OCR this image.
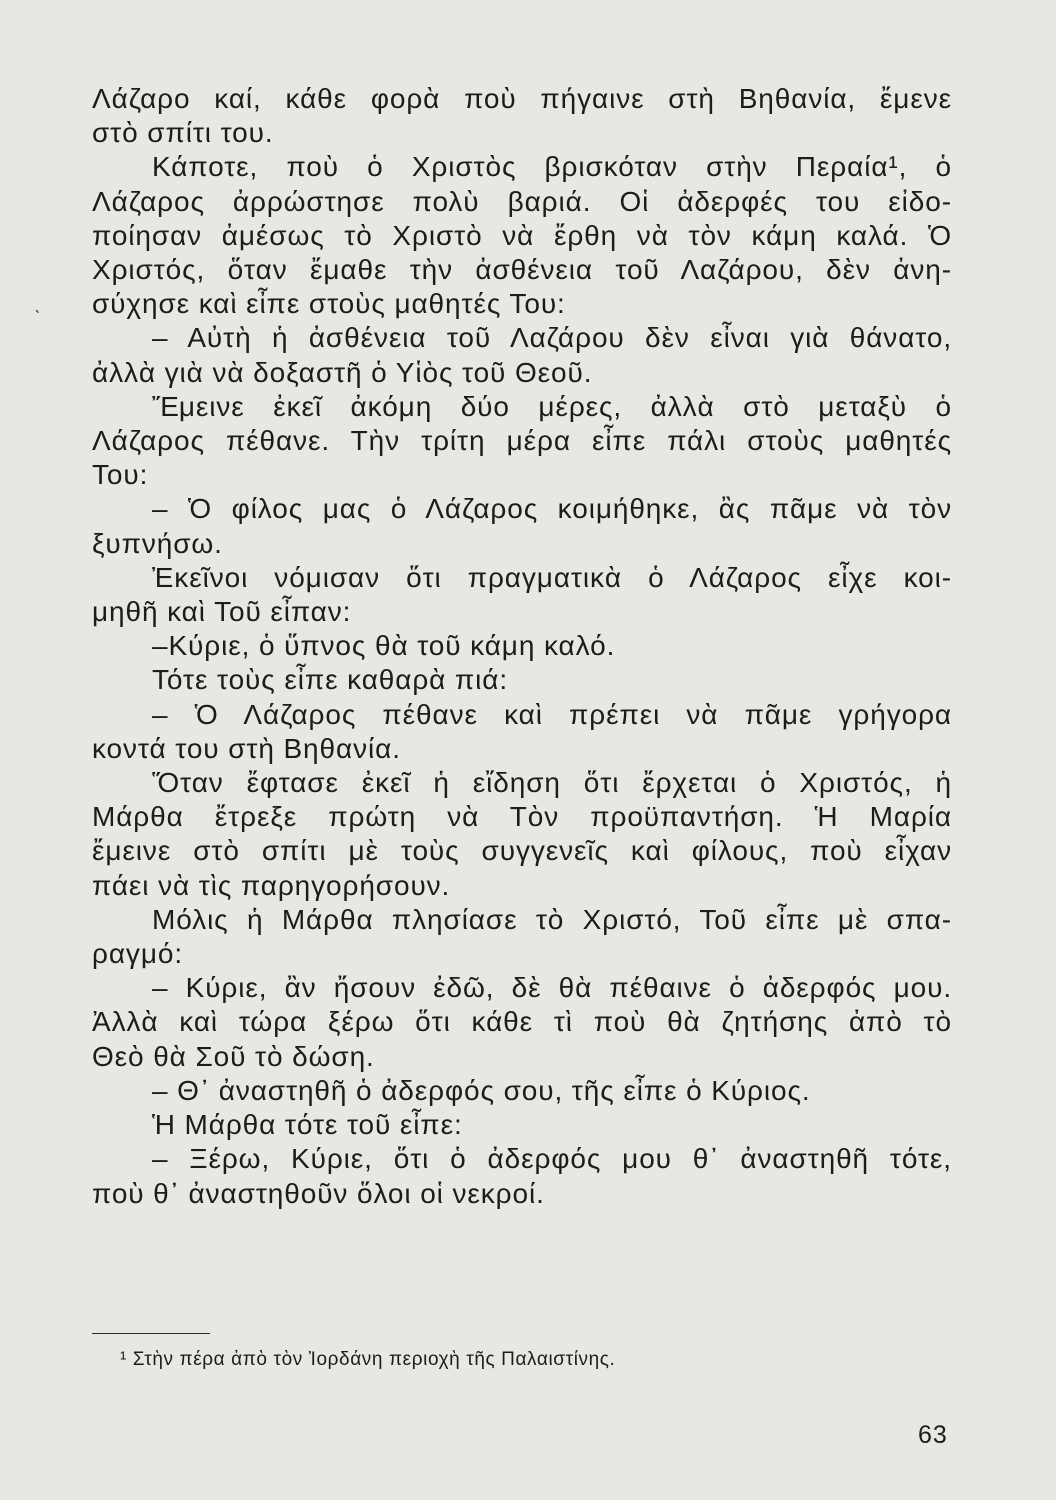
Λάζαρο καί, κάθε φορὰ ποὺ πήγαινε στὴ Βηθανία, ἔμενε
στὸ σπίτι του.
Κάποτε, ποὺ ὁ Χριστὸς βρισκόταν στὴν Περαία¹, ὁ
Λάζαρος ἀρρώστησε πολὺ βαριά. Οἱ ἀδερφές του εἰδο-
ποίησαν ἀμέσως τὸ Χριστὸ νὰ ἔρθη νὰ τὸν κάμη καλά. Ὁ
Χριστός, ὅταν ἔμαθε τὴν ἀσθένεια τοῦ Λαζάρου, δὲν ἀνη-
σύχησε καὶ εἶπε στοὺς μαθητές Του:
– Αὐτὴ ἡ ἀσθένεια τοῦ Λαζάρου δὲν εἶναι γιὰ θάνατο,
ἀλλὰ γιὰ νὰ δοξαστῆ ὁ Υἱὸς τοῦ Θεοῦ.
Ἔμεινε ἐκεῖ ἀκόμη δύο μέρες, ἀλλὰ στὸ μεταξὺ ὁ
Λάζαρος πέθανε. Τὴν τρίτη μέρα εἶπε πάλι στοὺς μαθητές
Του:
– Ὁ φίλος μας ὁ Λάζαρος κοιμήθηκε, ἂς πᾶμε νὰ τὸν
ξυπνήσω.
Ἐκεῖνοι νόμισαν ὅτι πραγματικὰ ὁ Λάζαρος εἶχε κοι-
μηθῆ καὶ Τοῦ εἶπαν:
–Κύριε, ὁ ὕπνος θὰ τοῦ κάμη καλό.
Τότε τοὺς εἶπε καθαρὰ πιά:
– Ὁ Λάζαρος πέθανε καὶ πρέπει νὰ πᾶμε γρήγορα
κοντά του στὴ Βηθανία.
Ὅταν ἔφτασε ἐκεῖ ἡ εἴδηση ὅτι ἔρχεται ὁ Χριστός, ἡ
Μάρθα ἔτρεξε πρώτη νὰ Τὸν προϋπαντήση. Ἡ Μαρία
ἔμεινε στὸ σπίτι μὲ τοὺς συγγενεῖς καὶ φίλους, ποὺ εἶχαν
πάει νὰ τὶς παρηγορήσουν.
Μόλις ἡ Μάρθα πλησίασε τὸ Χριστό, Τοῦ εἶπε μὲ σπα-
ραγμό:
– Κύριε, ἂν ἤσουν ἐδῶ, δὲ θὰ πέθαινε ὁ ἀδερφός μου.
Ἀλλὰ καὶ τώρα ξέρω ὅτι κάθε τὶ ποὺ θὰ ζητήσης ἀπὸ τὸ
Θεὸ θὰ Σοῦ τὸ δώση.
– Θ᾽ ἀναστηθῆ ὁ ἀδερφός σου, τῆς εἶπε ὁ Κύριος.
Ἡ Μάρθα τότε τοῦ εἶπε:
– Ξέρω, Κύριε, ὅτι ὁ ἀδερφός μου θ᾽ ἀναστηθῆ τότε,
ποὺ θ᾽ ἀναστηθοῦν ὅλοι οἱ νεκροί.
ˋ
¹ Στὴν πέρα ἀπὸ τὸν Ἰορδάνη περιοχὴ τῆς Παλαιστίνης.
63
